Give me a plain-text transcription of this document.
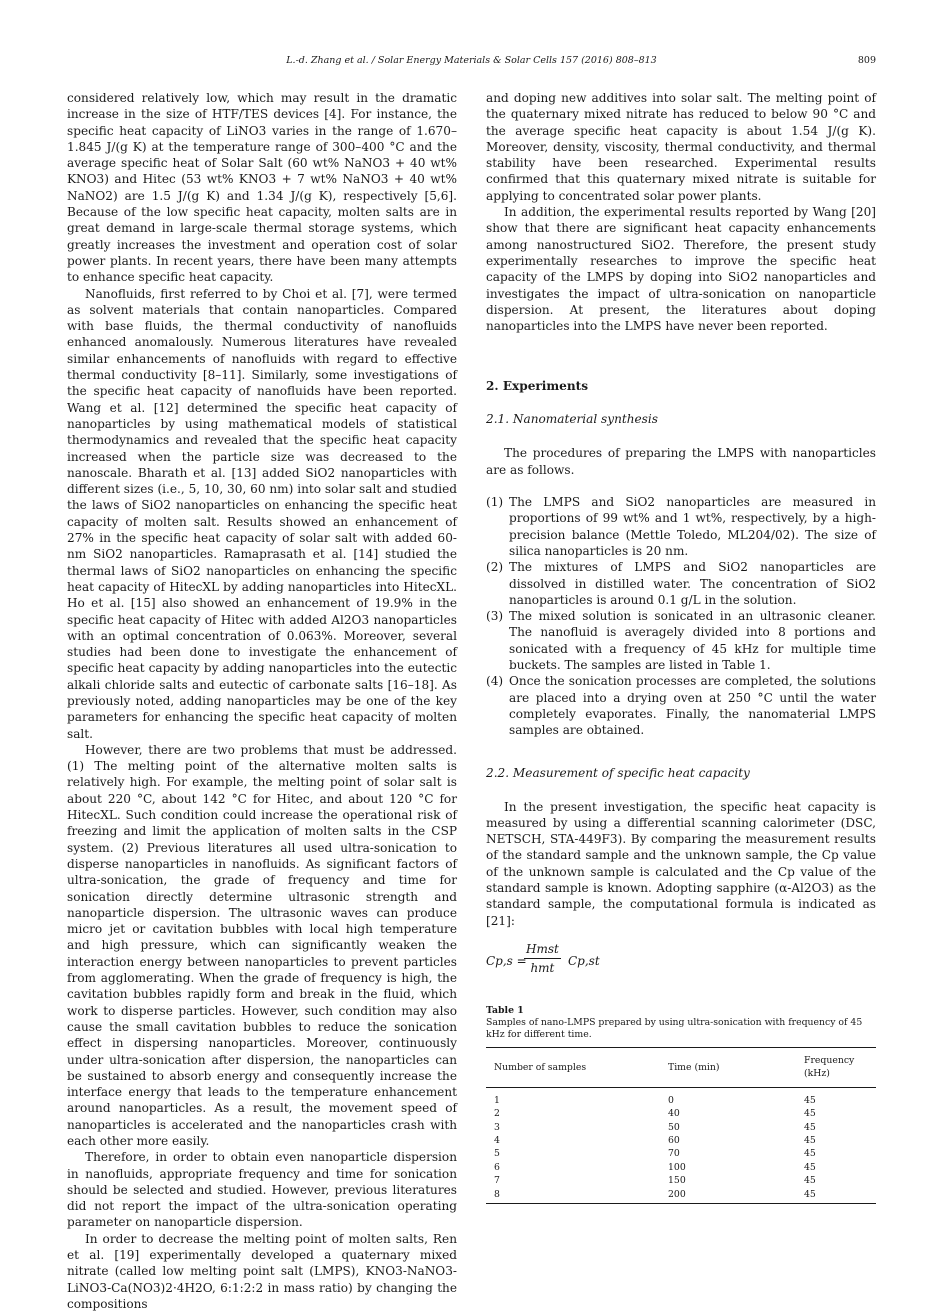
L.-d. Zhang et al. / Solar Energy Materials & Solar Cells 157 (2016) 808–813	809

considered relatively low, which may result in the dramatic increase in the size of HTF/TES devices [4]. For instance, the specific heat capacity of LiNO3 varies in the range of 1.670–1.845 J/(g K) at the temperature range of 300–400 °C and the average specific heat of Solar Salt (60 wt% NaNO3 + 40 wt% KNO3) and Hitec (53 wt% KNO3 + 7 wt% NaNO3 + 40 wt% NaNO2) are 1.5 J/(g K) and 1.34 J/(g K), respectively [5,6]. Because of the low specific heat capacity, molten salts are in great demand in large-scale thermal storage systems, which greatly increases the investment and operation cost of solar power plants. In recent years, there have been many attempts to enhance specific heat capacity.

Nanofluids, first referred to by Choi et al. [7], were termed as solvent materials that contain nanoparticles. Compared with base fluids, the thermal conductivity of nanofluids enhanced anomalously. Numerous literatures have revealed similar enhancements of nanofluids with regard to effective thermal conductivity [8–11]. Similarly, some investigations of the specific heat capacity of nanofluids have been reported. Wang et al. [12] determined the specific heat capacity of nanoparticles by using mathematical models of statistical thermodynamics and revealed that the specific heat capacity increased when the particle size was decreased to the nanoscale. Bharath et al. [13] added SiO2 nanoparticles with different sizes (i.e., 5, 10, 30, 60 nm) into solar salt and studied the laws of SiO2 nanoparticles on enhancing the specific heat capacity of molten salt. Results showed an enhancement of 27% in the specific heat capacity of solar salt with added 60-nm SiO2 nanoparticles. Ramaprasath et al. [14] studied the thermal laws of SiO2 nanoparticles on enhancing the specific heat capacity of HitecXL by adding nanoparticles into HitecXL. Ho et al. [15] also showed an enhancement of 19.9% in the specific heat capacity of Hitec with added Al2O3 nanoparticles with an optimal concentration of 0.063%. Moreover, several studies had been done to investigate the enhancement of specific heat capacity by adding nanoparticles into the eutectic alkali chloride salts and eutectic of carbonate salts [16–18]. As previously noted, adding nanoparticles may be one of the key parameters for enhancing the specific heat capacity of molten salt.

However, there are two problems that must be addressed. (1) The melting point of the alternative molten salts is relatively high. For example, the melting point of solar salt is about 220 °C, about 142 °C for Hitec, and about 120 °C for HitecXL. Such condition could increase the operational risk of freezing and limit the application of molten salts in the CSP system. (2) Previous literatures all used ultra-sonication to disperse nanoparticles in nanofluids. As significant factors of ultra-sonication, the grade of frequency and time for sonication directly determine ultrasonic strength and nanoparticle dispersion. The ultrasonic waves can produce micro jet or cavitation bubbles with local high temperature and high pressure, which can significantly weaken the interaction energy between nanoparticles to prevent particles from agglomerating. When the grade of frequency is high, the cavitation bubbles rapidly form and break in the fluid, which work to disperse particles. However, such condition may also cause the small cavitation bubbles to reduce the sonication effect in dispersing nanoparticles. Moreover, continuously under ultra-sonication after dispersion, the nanoparticles can be sustained to absorb energy and consequently increase the interface energy that leads to the temperature enhancement around nanoparticles. As a result, the movement speed of nanoparticles is accelerated and the nanoparticles crash with each other more easily.

Therefore, in order to obtain even nanoparticle dispersion in nanofluids, appropriate frequency and time for sonication should be selected and studied. However, previous literatures did not report the impact of the ultra-sonication operating parameter on nanoparticle dispersion.

In order to decrease the melting point of molten salts, Ren et al. [19] experimentally developed a quaternary mixed nitrate (called low melting point salt (LMPS), KNO3-NaNO3-LiNO3-Ca(NO3)2·4H2O, 6:1:2:2 in mass ratio) by changing the compositions

and doping new additives into solar salt. The melting point of the quaternary mixed nitrate has reduced to below 90 °C and the average specific heat capacity is about 1.54 J/(g K). Moreover, density, viscosity, thermal conductivity, and thermal stability have been researched. Experimental results confirmed that this quaternary mixed nitrate is suitable for applying to concentrated solar power plants.

In addition, the experimental results reported by Wang [20] show that there are significant heat capacity enhancements among nanostructured SiO2. Therefore, the present study experimentally researches to improve the specific heat capacity of the LMPS by doping into SiO2 nanoparticles and investigates the impact of ultra-sonication on nanoparticle dispersion. At present, the literatures about doping nanoparticles into the LMPS have never been reported.

2. Experiments
2.1. Nanomaterial synthesis

The procedures of preparing the LMPS with nanoparticles are as follows.

(1) The LMPS and SiO2 nanoparticles are measured in proportions of 99 wt% and 1 wt%, respectively, by a high-precision balance (Mettle Toledo, ML204/02). The size of silica nanoparticles is 20 nm.
(2) The mixtures of LMPS and SiO2 nanoparticles are dissolved in distilled water. The concentration of SiO2 nanoparticles is around 0.1 g/L in the solution.
(3) The mixed solution is sonicated in an ultrasonic cleaner. The nanofluid is averagely divided into 8 portions and sonicated with a frequency of 45 kHz for multiple time buckets. The samples are listed in Table 1.
(4) Once the sonication processes are completed, the solutions are placed into a drying oven at 250 °C until the water completely evaporates. Finally, the nanomaterial LMPS samples are obtained.
2.2. Measurement of specific heat capacity

In the present investigation, the specific heat capacity is measured by using a differential scanning calorimeter (DSC, NETSCH, STA-449F3). By comparing the measurement results of the standard sample and the unknown sample, the Cp value of the unknown sample is calculated and the Cp value of the standard sample is known. Adopting sapphire (α-Al2O3) as the standard sample, the computational formula is indicated as [21]:

Cp,s =
Hmst
hmt
Cp,st
Table 1
Samples of nano-LMPS prepared by using ultra-sonication with frequency of 45 kHz for different time.
Number of samples	Time (min)	Frequency (kHz)
1	0	45
2	40	45
3	50	45
4	60	45
5	70	45
6	100	45
7	150	45
8	200	45
